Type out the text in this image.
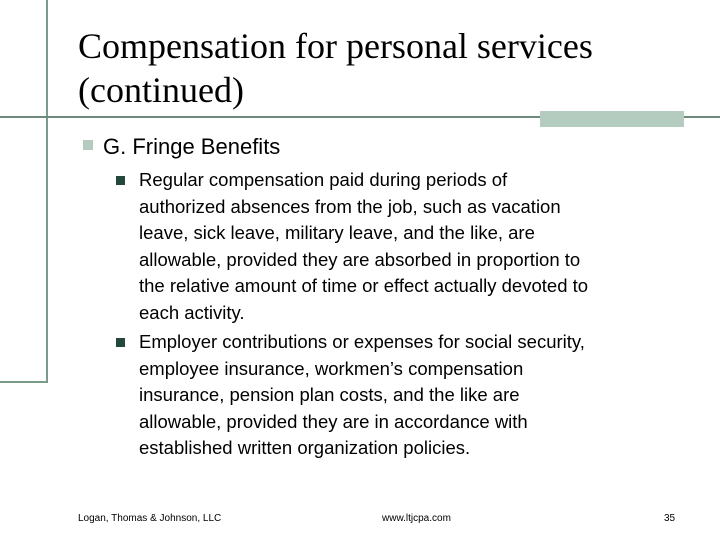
Compensation for personal services
(continued)
G. Fringe Benefits
Regular compensation paid during periods of
authorized absences from the job, such as vacation
leave, sick leave, military leave, and the like, are
allowable, provided they are absorbed in proportion to
the relative amount of time or effect actually devoted to
each activity.
Employer contributions or expenses for social security,
employee insurance, workmen’s compensation
insurance, pension plan costs, and the like are
allowable, provided they are in accordance with
established written organization policies.
Logan, Thomas & Johnson, LLC	www.ltjcpa.com	35
